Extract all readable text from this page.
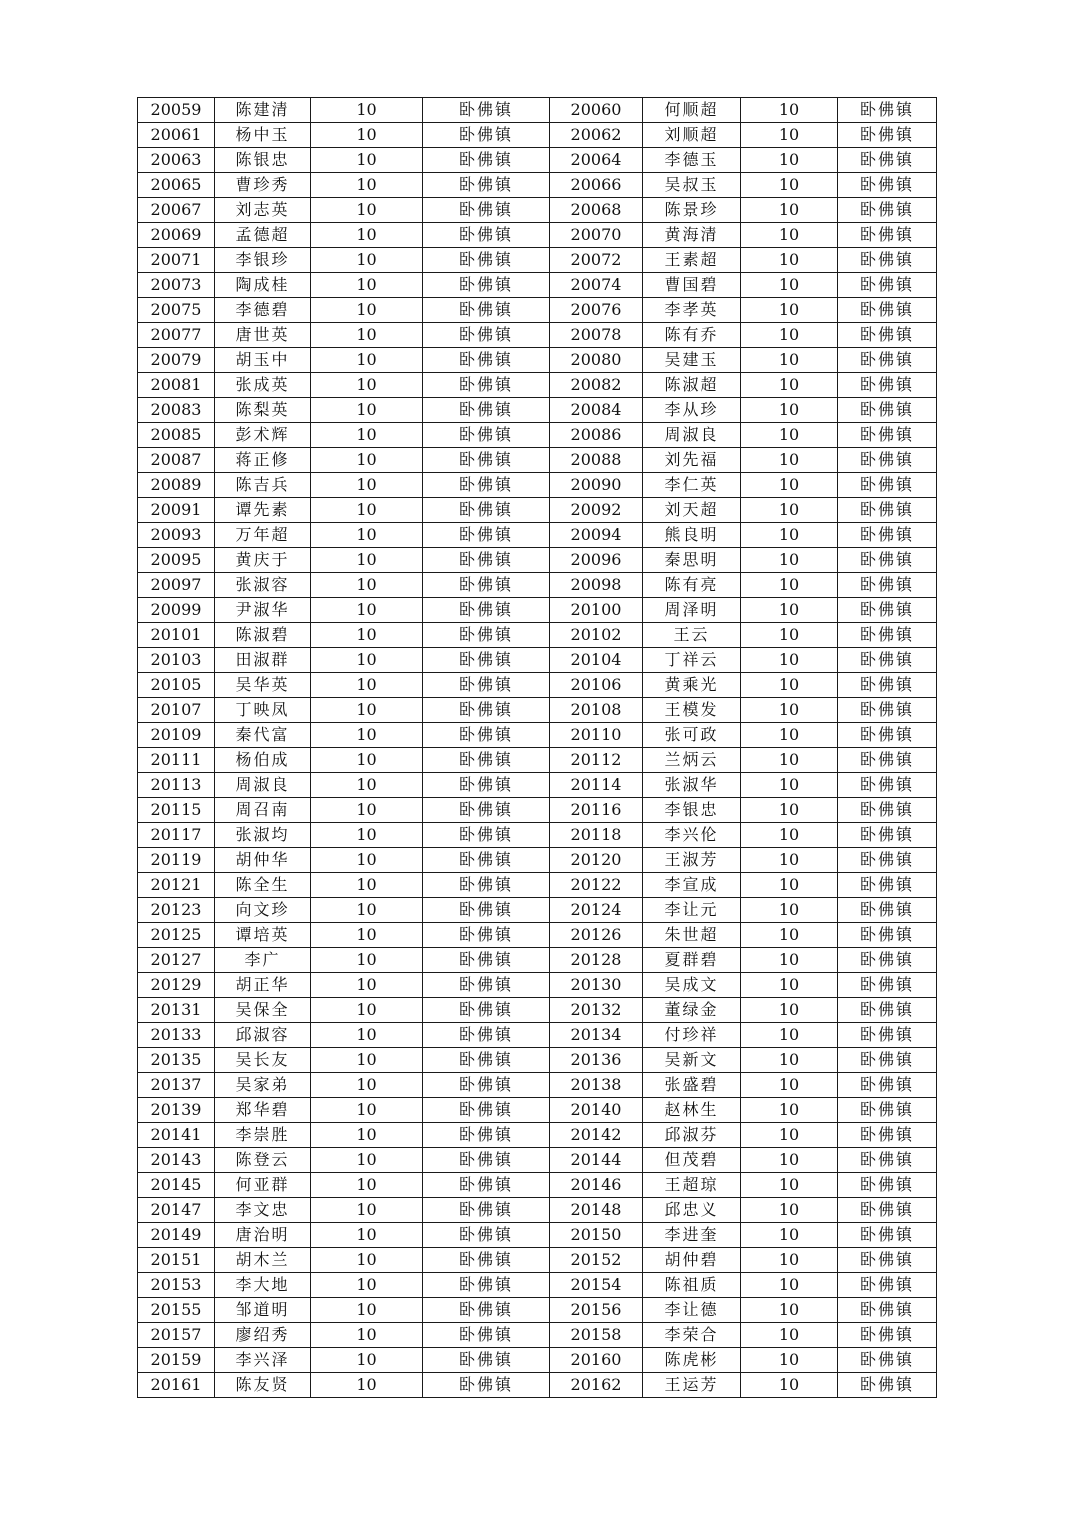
20059	陈建清	10	卧佛镇	20060	何顺超	10	卧佛镇
20061	杨中玉	10	卧佛镇	20062	刘顺超	10	卧佛镇
20063	陈银忠	10	卧佛镇	20064	李德玉	10	卧佛镇
20065	曹珍秀	10	卧佛镇	20066	吴叔玉	10	卧佛镇
20067	刘志英	10	卧佛镇	20068	陈景珍	10	卧佛镇
20069	孟德超	10	卧佛镇	20070	黄海清	10	卧佛镇
20071	李银珍	10	卧佛镇	20072	王素超	10	卧佛镇
20073	陶成桂	10	卧佛镇	20074	曹国碧	10	卧佛镇
20075	李德碧	10	卧佛镇	20076	李孝英	10	卧佛镇
20077	唐世英	10	卧佛镇	20078	陈有乔	10	卧佛镇
20079	胡玉中	10	卧佛镇	20080	吴建玉	10	卧佛镇
20081	张成英	10	卧佛镇	20082	陈淑超	10	卧佛镇
20083	陈梨英	10	卧佛镇	20084	李从珍	10	卧佛镇
20085	彭术辉	10	卧佛镇	20086	周淑良	10	卧佛镇
20087	蒋正修	10	卧佛镇	20088	刘先福	10	卧佛镇
20089	陈吉兵	10	卧佛镇	20090	李仁英	10	卧佛镇
20091	谭先素	10	卧佛镇	20092	刘天超	10	卧佛镇
20093	万年超	10	卧佛镇	20094	熊良明	10	卧佛镇
20095	黄庆于	10	卧佛镇	20096	秦思明	10	卧佛镇
20097	张淑容	10	卧佛镇	20098	陈有亮	10	卧佛镇
20099	尹淑华	10	卧佛镇	20100	周泽明	10	卧佛镇
20101	陈淑碧	10	卧佛镇	20102	王云	10	卧佛镇
20103	田淑群	10	卧佛镇	20104	丁祥云	10	卧佛镇
20105	吴华英	10	卧佛镇	20106	黄乘光	10	卧佛镇
20107	丁映凤	10	卧佛镇	20108	王模发	10	卧佛镇
20109	秦代富	10	卧佛镇	20110	张可政	10	卧佛镇
20111	杨伯成	10	卧佛镇	20112	兰炳云	10	卧佛镇
20113	周淑良	10	卧佛镇	20114	张淑华	10	卧佛镇
20115	周召南	10	卧佛镇	20116	李银忠	10	卧佛镇
20117	张淑均	10	卧佛镇	20118	李兴伦	10	卧佛镇
20119	胡仲华	10	卧佛镇	20120	王淑芳	10	卧佛镇
20121	陈全生	10	卧佛镇	20122	李宣成	10	卧佛镇
20123	向文珍	10	卧佛镇	20124	李让元	10	卧佛镇
20125	谭培英	10	卧佛镇	20126	朱世超	10	卧佛镇
20127	李广	10	卧佛镇	20128	夏群碧	10	卧佛镇
20129	胡正华	10	卧佛镇	20130	吴成文	10	卧佛镇
20131	吴保全	10	卧佛镇	20132	董绿金	10	卧佛镇
20133	邱淑容	10	卧佛镇	20134	付珍祥	10	卧佛镇
20135	吴长友	10	卧佛镇	20136	吴新文	10	卧佛镇
20137	吴家弟	10	卧佛镇	20138	张盛碧	10	卧佛镇
20139	郑华碧	10	卧佛镇	20140	赵林生	10	卧佛镇
20141	李崇胜	10	卧佛镇	20142	邱淑芬	10	卧佛镇
20143	陈登云	10	卧佛镇	20144	但茂碧	10	卧佛镇
20145	何亚群	10	卧佛镇	20146	王超琼	10	卧佛镇
20147	李文忠	10	卧佛镇	20148	邱忠义	10	卧佛镇
20149	唐治明	10	卧佛镇	20150	李进奎	10	卧佛镇
20151	胡木兰	10	卧佛镇	20152	胡仲碧	10	卧佛镇
20153	李大地	10	卧佛镇	20154	陈祖质	10	卧佛镇
20155	邹道明	10	卧佛镇	20156	李让德	10	卧佛镇
20157	廖绍秀	10	卧佛镇	20158	李荣合	10	卧佛镇
20159	李兴泽	10	卧佛镇	20160	陈虎彬	10	卧佛镇
20161	陈友贤	10	卧佛镇	20162	王运芳	10	卧佛镇
